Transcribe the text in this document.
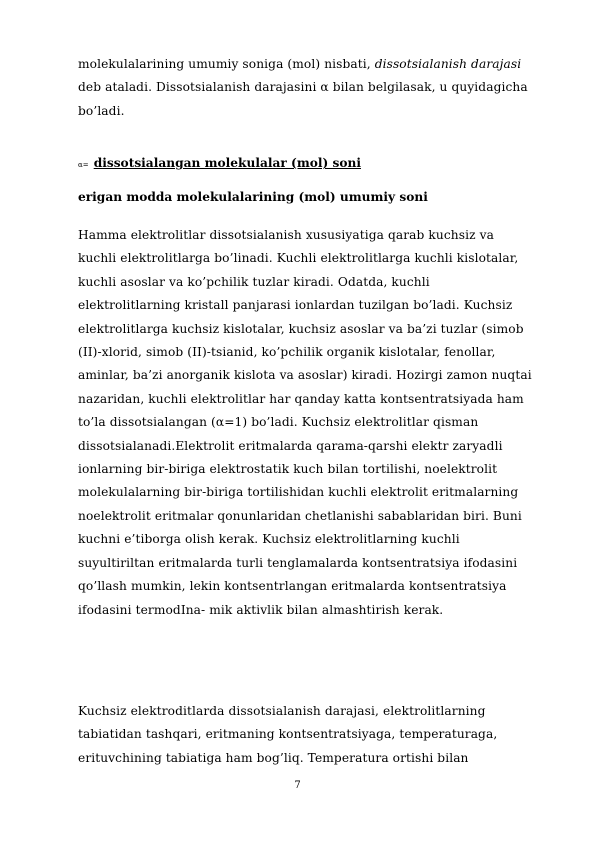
molekulalarining umumiy soniga (mol) nisbati, dissotsialanish darajasi
deb ataladi. Dissotsialanish darajasini α bilan belgilasak, u quyidagicha
bo’ladi.
α= dissotsialangan molekulalar (mol) soni
erigan modda molekulalarining (mol) umumiy soni
Hamma elektrolitlar dissotsialanish xususiyatiga qarab kuchsiz va
kuchli elektrolitlarga bo’linadi. Kuchli elektrolitlarga kuchli kislotalar,
kuchli asoslar va ko’pchilik tuzlar kiradi. Odatda, kuchli
elektrolitlarning kristall panjarasi ionlardan tuzilgan bo’ladi. Kuchsiz
elektrolitlarga kuchsiz kislotalar, kuchsiz asoslar va ba’zi tuzlar (simob
(II)-xlorid, simob (II)-tsianid, ko’pchilik organik kislotalar, fenollar,
aminlar, ba’zi anorganik kislota va asoslar) kiradi. Hozirgi zamon nuqtai
nazaridan, kuchli elektrolitlar har qanday katta kontsentratsiyada ham
to’la dissotsialangan (α=1) bo’ladi. Kuchsiz elektrolitlar qisman
dissotsialanadi.Elektrolit eritmalarda qarama-qarshi elektr zaryadli
ionlarning bir-biriga elektrostatik kuch bilan tortilishi, noelektrolit
molekulalarning bir-biriga tortilishidan kuchli elektrolit eritmalarning
noelektrolit eritmalar qonunlaridan chetlanishi sabablaridan biri. Buni
kuchni e’tiborga olish kerak. Kuchsiz elektrolitlarning kuchli
suyultiriltan eritmalarda turli tenglamalarda kontsentratsiya ifodasini
qo’llash mumkin, lekin kontsentrlangan eritmalarda kontsentratsiya
ifodasini termodInа- mik aktivlik bilan almashtirish kerak.
Kuchsiz elektroditlarda dissotsialanish darajasi, elektrolitlarning
tabiatidan tashqari, eritmaning kontsentratsiyaga, temperaturaga,
erituvchining tabiatiga ham bog’liq. Temperatura ortishi bilan
7
